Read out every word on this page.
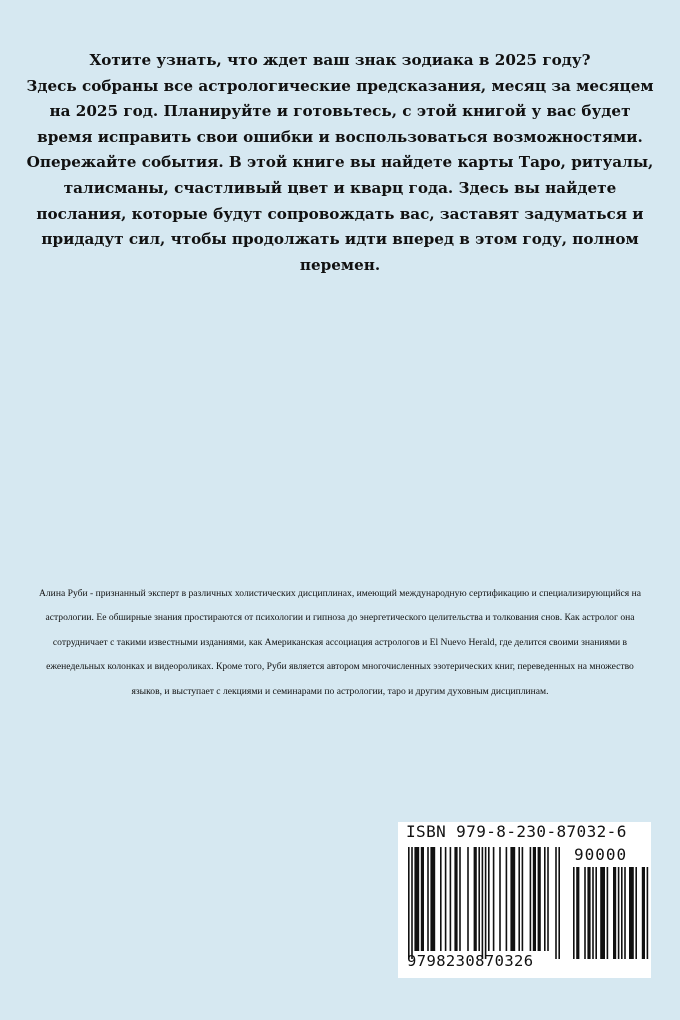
Хотите узнать, что ждет ваш знак зодиака в 2025 году?

Здесь собраны все астрологические предсказания, месяц за месяцем на 2025 год. Планируйте и готовьтесь, с этой книгой у вас будет время исправить свои ошибки и воспользоваться возможностями. Опережайте события. В этой книге вы найдете карты Таро, ритуалы, талисманы, счастливый цвет и кварц года. Здесь вы найдете послания, которые будут сопровождать вас, заставят задуматься и придадут сил, чтобы продолжать идти вперед в этом году, полном перемен.

Алина Руби - признанный эксперт в различных холистических дисциплинах, имеющий международную сертификацию и специализирующийся на астрологии. Ее обширные знания простираются от психологии и гипноза до энергетического целительства и толкования снов. Как астролог она сотрудничает с такими известными изданиями, как Американская ассоциация астрологов и El Nuevo Herald, где делится своими знаниями в еженедельных колонках и видеороликах. Кроме того, Руби является автором многочисленных эзотерических книг, переведенных на множество языков, и выступает с лекциями и семинарами по астрологии, таро и другим духовным дисциплинам.
ISBN 979-8-230-87032-6
90000
9798230870326
